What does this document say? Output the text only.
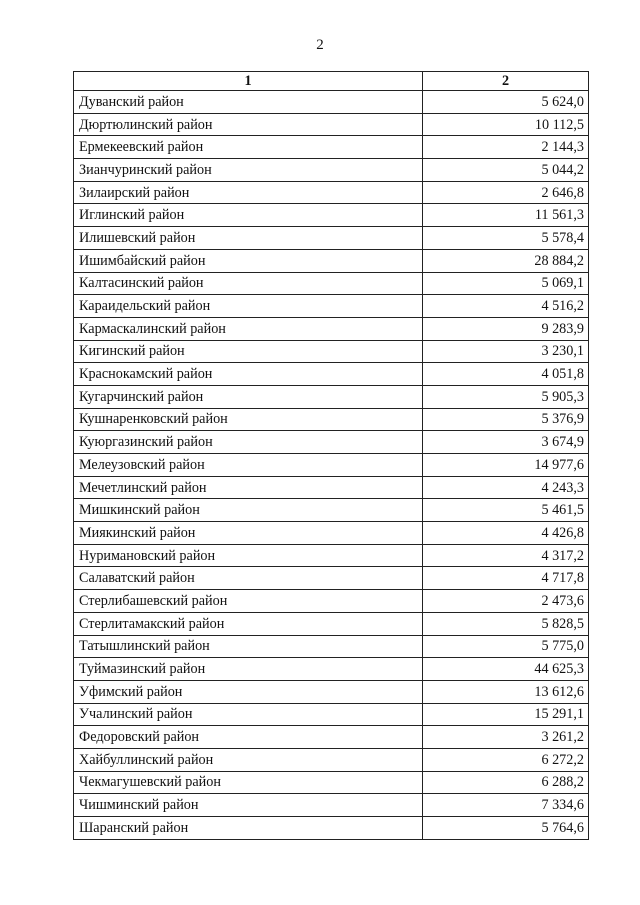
2
1	2
Дуванский район	5 624,0
Дюртюлинский район	10 112,5
Ермекеевский район	2 144,3
Зианчуринский район	5 044,2
Зилаирский район	2 646,8
Иглинский район	11 561,3
Илишевский район	5 578,4
Ишимбайский район	28 884,2
Калтасинский район	5 069,1
Караидельский район	4 516,2
Кармаскалинский район	9 283,9
Кигинский район	3 230,1
Краснокамский район	4 051,8
Кугарчинский район	5 905,3
Кушнаренковский район	5 376,9
Куюргазинский район	3 674,9
Мелеузовский район	14 977,6
Мечетлинский район	4 243,3
Мишкинский район	5 461,5
Миякинский район	4 426,8
Нуримановский район	4 317,2
Салаватский район	4 717,8
Стерлибашевский район	2 473,6
Стерлитамакский район	5 828,5
Татышлинский район	5 775,0
Туймазинский район	44 625,3
Уфимский район	13 612,6
Учалинский район	15 291,1
Федоровский район	3 261,2
Хайбуллинский район	6 272,2
Чекмагушевский район	6 288,2
Чишминский район	7 334,6
Шаранский район	5 764,6
